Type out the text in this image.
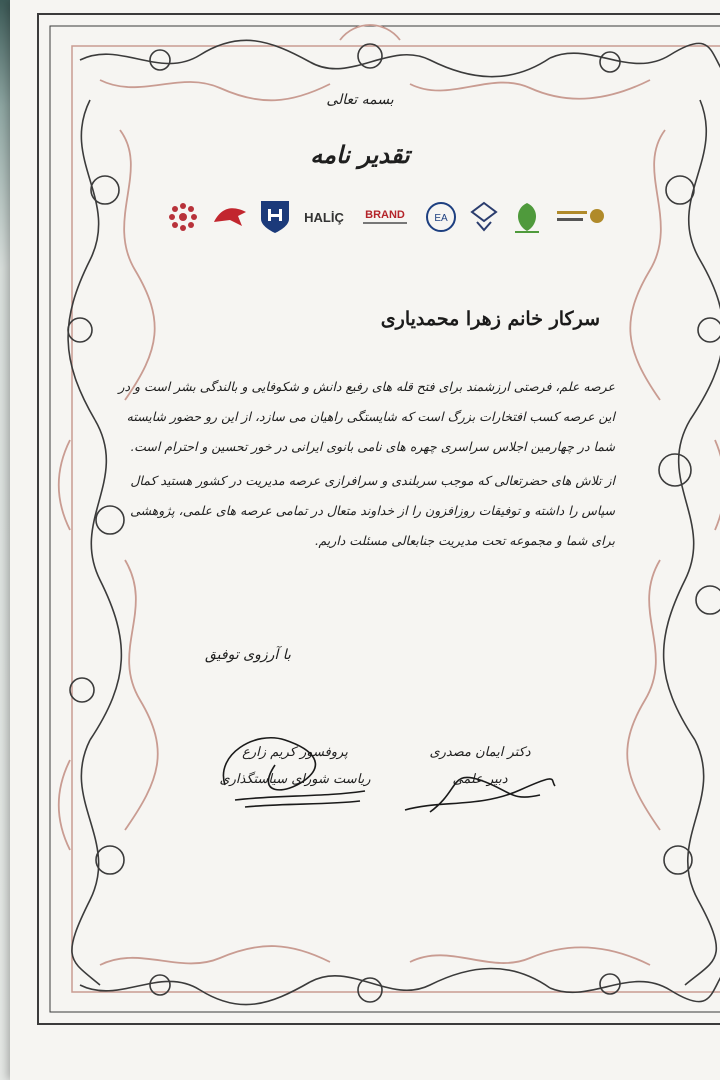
بسمه تعالی
تقدیر نامه
HALİÇ BRAND	EA
سرکار خانم زهرا محمدیاری

عرصه علم، فرصتی ارزشمند برای فتح قله های رفیع دانش و شکوفایی و بالندگی بشر است و در این عرصه کسب افتخارات بزرگ است که شایستگی راهیان می سازد، از این رو حضور شایسته شما در چهارمین اجلاس سراسری چهره های نامی بانوی ایرانی در خور تحسین و احترام است.

از تلاش های حضرتعالی که موجب سربلندی و سرافرازی عرصه مدیریت در کشور هستید کمال سپاس را داشته و توفیقات روزافزون را از خداوند متعال در تمامی عرصه های علمی، پژوهشی برای شما و مجموعه تحت مدیریت جنابعالی مسئلت داریم.

با آرزوی توفیق
دکتر ایمان مصدری
دبیر علمی
پروفسور کریم زارع
ریاست شورای سیاستگذاری
